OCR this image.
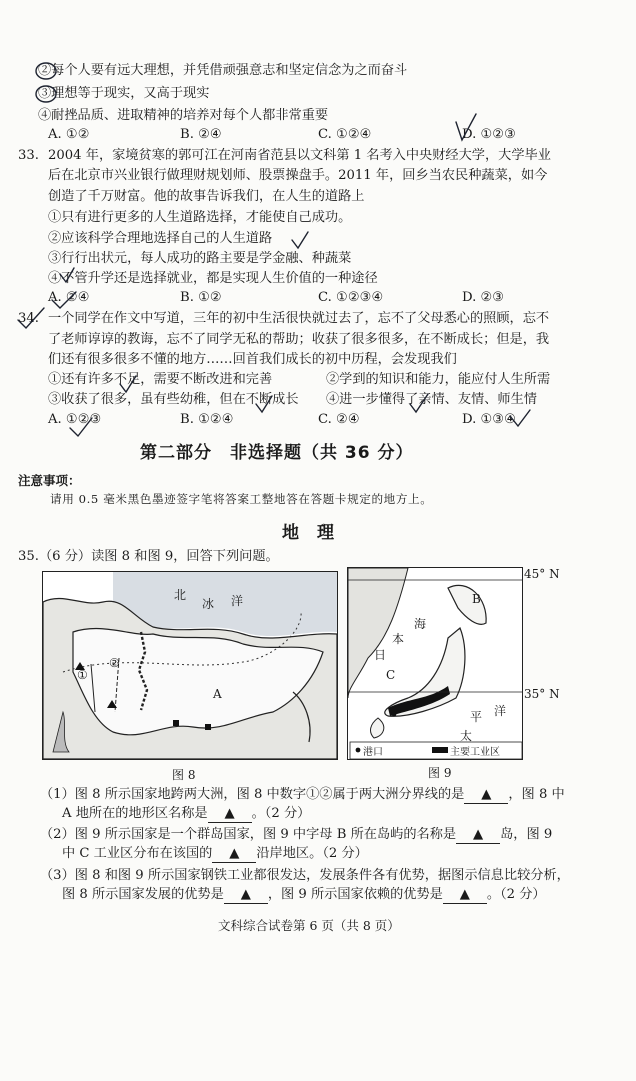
②每个人要有远大理想，并凭借顽强意志和坚定信念为之而奋斗
③理想等于现实，又高于现实
④耐挫品质、进取精神的培养对每个人都非常重要
A. ①②	B. ②④	C. ①②④	D. ①②③
33. 2004 年，家境贫寒的郭可江在河南省范县以文科第 1 名考入中央财经大学，大学毕业
后在北京市兴业银行做理财规划师、股票操盘手。2011 年，回乡当农民种蔬菜，如今
创造了千万财富。他的故事告诉我们，在人生的道路上
①只有进行更多的人生道路选择，才能使自己成功。
②应该科学合理地选择自己的人生道路
③行行出状元，每人成功的路主要是学金融、种蔬菜
④不管升学还是选择就业，都是实现人生价值的一种途径
A. ②④	B. ①②	C. ①②③④	D. ②③
34. 一个同学在作文中写道，三年的初中生活很快就过去了，忘不了父母悉心的照顾，忘不
了老师谆谆的教诲，忘不了同学无私的帮助；收获了很多很多，在不断成长；但是，我
们还有很多很多不懂的地方……回首我们成长的初中历程，会发现我们
①还有许多不足，需要不断改进和完善	②学到的知识和能力，能应付人生所需
③收获了很多，虽有些幼稚，但在不断成长 ④进一步懂得了亲情、友情、师生情
A. ①②③	B. ①②④	C. ②④	D. ①③④
第二部分　非选择题（共 36 分）
注意事项：
请用 0.5 毫米黑色墨迹签字笔将答案工整地答在答题卡规定的地方上。
地理
35.（6 分）读图 8 和图 9，回答下列问题。
北
冰 洋
①
②
A
图 8
B
日
本
海
C
洋
太
平
港口	主要工业区
45° N
35° N
图 9
（1）图 8 所示国家地跨两大洲，图 8 中数字①②属于两大洲分界线的是 ▲ ，图 8 中
A 地所在的地形区名称是 ▲ 。（2 分）
（2）图 9 所示国家是一个群岛国家，图 9 中字母 B 所在岛屿的名称是 ▲ 岛，图 9
中 C 工业区分布在该国的 ▲ 沿岸地区。（2 分）
（3）图 8 和图 9 所示国家钢铁工业都很发达，发展条件各有优势，据图示信息比较分析，
图 8 所示国家发展的优势是 ▲ ，图 9 所示国家依赖的优势是 ▲ 。（2 分）
文科综合试卷第 6 页（共 8 页）
